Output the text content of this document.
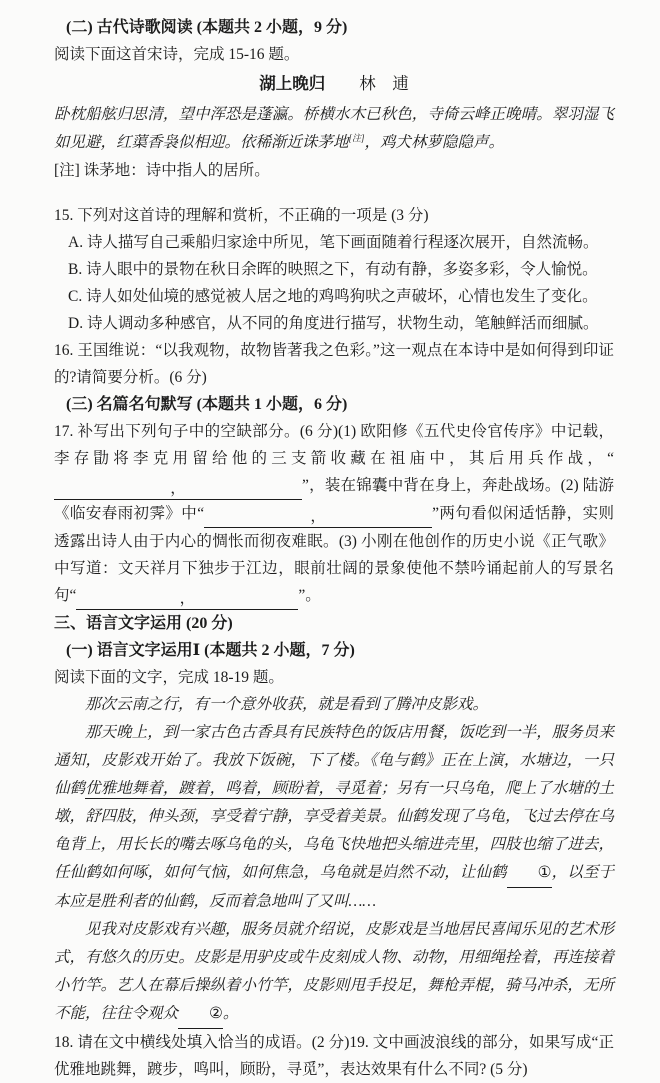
(二) 古代诗歌阅读 (本题共 2 小题，9 分)

阅读下面这首宋诗，完成 15-16 题。

湖上晚归 林　逋

卧枕船舷归思清，望中浑恐是蓬瀛。桥横水木已秋色，寺倚云峰正晚晴。翠羽湿飞如见避，红蕖香袅似相迎。依稀渐近诛茅地[注]，鸡犬林萝隐隐声。

[注] 诛茅地：诗中指人的居所。

15. 下列对这首诗的理解和赏析，不正确的一项是 (3 分)

A. 诗人描写自己乘船归家途中所见，笔下画面随着行程逐次展开，自然流畅。

B. 诗人眼中的景物在秋日余晖的映照之下，有动有静，多姿多彩，令人愉悦。

C. 诗人如处仙境的感觉被人居之地的鸡鸣狗吠之声破坏，心情也发生了变化。

D. 诗人调动多种感官，从不同的角度进行描写，状物生动，笔触鲜活而细腻。

16. 王国维说：“以我观物，故物皆著我之色彩。”这一观点在本诗中是如何得到印证的?请简要分析。(6 分)

(三) 名篇名句默写 (本题共 1 小题，6 分)

17. 补写出下列句子中的空缺部分。(6 分)(1) 欧阳修《五代史伶官传序》中记载，李存勖将李克用留给他的三支箭收藏在祖庙中，其后用兵作战，“，	”，装在锦囊中背在身上，奔赴战场。(2) 陆游《临安春雨初霁》中“	，	”两句看似闲适恬静，实则透露出诗人由于内心的惆怅而彻夜难眠。(3) 小刚在他创作的历史小说《正气歌》中写道：文天祥月下独步于江边，眼前壮阔的景象使他不禁吟诵起前人的写景名句“	，	”。

三、语言文字运用 (20 分)

(一) 语言文字运用Ⅰ (本题共 2 小题，7 分)

阅读下面的文字，完成 18-19 题。

那次云南之行，有一个意外收获，就是看到了腾冲皮影戏。

那天晚上，到一家古色古香具有民族特色的饭店用餐，饭吃到一半，服务员来通知，皮影戏开始了。我放下饭碗，下了楼。《龟与鹤》正在上演，水塘边，一只仙鹤优雅地舞着，踱着，鸣着，顾盼着，寻觅着；另有一只乌龟，爬上了水塘的土墩，舒四肢，伸头颈，享受着宁静，享受着美景。仙鹤发现了乌龟，飞过去停在乌龟背上，用长长的嘴去啄乌龟的头，乌龟飞快地把头缩进壳里，四肢也缩了进去，任仙鹤如何啄，如何气恼，如何焦急，乌龟就是岿然不动，让仙鹤 ①，以至于本应是胜利者的仙鹤，反而着急地叫了又叫……

见我对皮影戏有兴趣，服务员就介绍说，皮影戏是当地居民喜闻乐见的艺术形式，有悠久的历史。皮影是用驴皮或牛皮刻成人物、动物，用细绳拴着，再连接着小竹竿。艺人在幕后操纵着小竹竿，皮影则甩手投足，舞枪弄棍，骑马冲杀，无所不能，往往令观众 ②。

18. 请在文中横线处填入恰当的成语。(2 分)19. 文中画波浪线的部分，如果写成“正优雅地跳舞，踱步，鸣叫，顾盼，寻觅”，表达效果有什么不同? (5 分)
